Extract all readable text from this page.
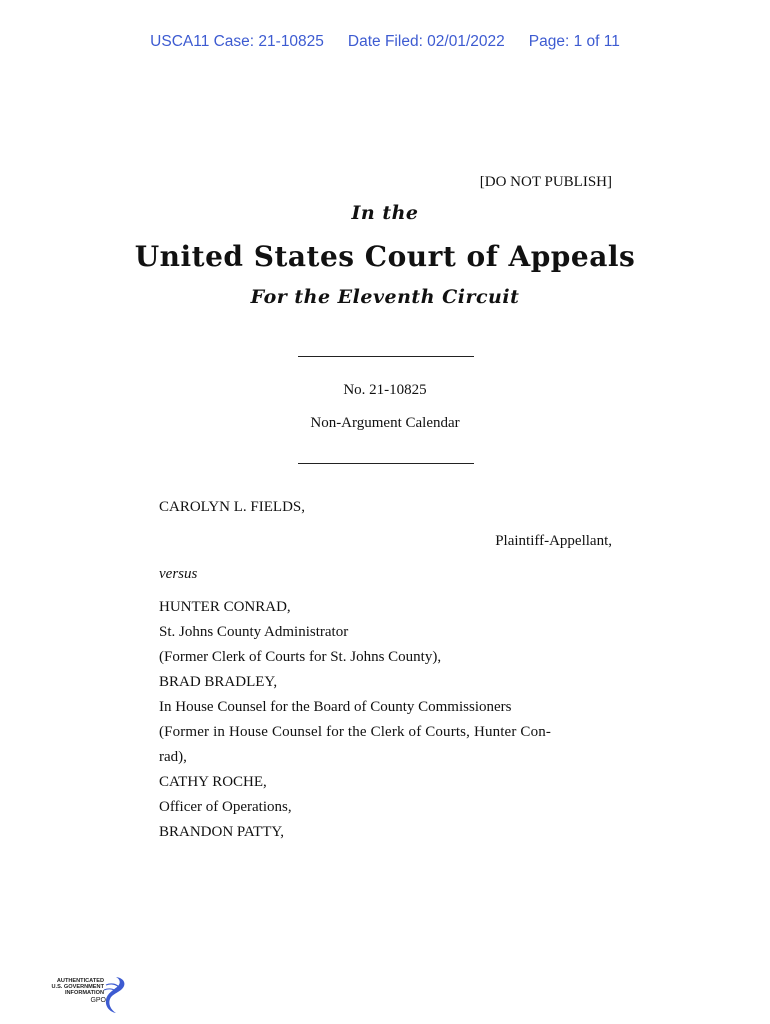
USCA11 Case: 21-10825 Date Filed: 02/01/2022 Page: 1 of 11
[DO NOT PUBLISH]
In the
United States Court of Appeals
For the Eleventh Circuit
No. 21-10825
Non-Argument Calendar
CAROLYN L. FIELDS,
Plaintiff-Appellant,
versus
HUNTER CONRAD,
St. Johns County Administrator
(Former Clerk of Courts for St. Johns County),
BRAD BRADLEY,
In House Counsel for the Board of County Commissioners
(Former in House Counsel for the Clerk of Courts, Hunter Con-
rad),
CATHY ROCHE,
Officer of Operations,
BRANDON PATTY,
AUTHENTICATED
U.S. GOVERNMENT
INFORMATION
GPO
